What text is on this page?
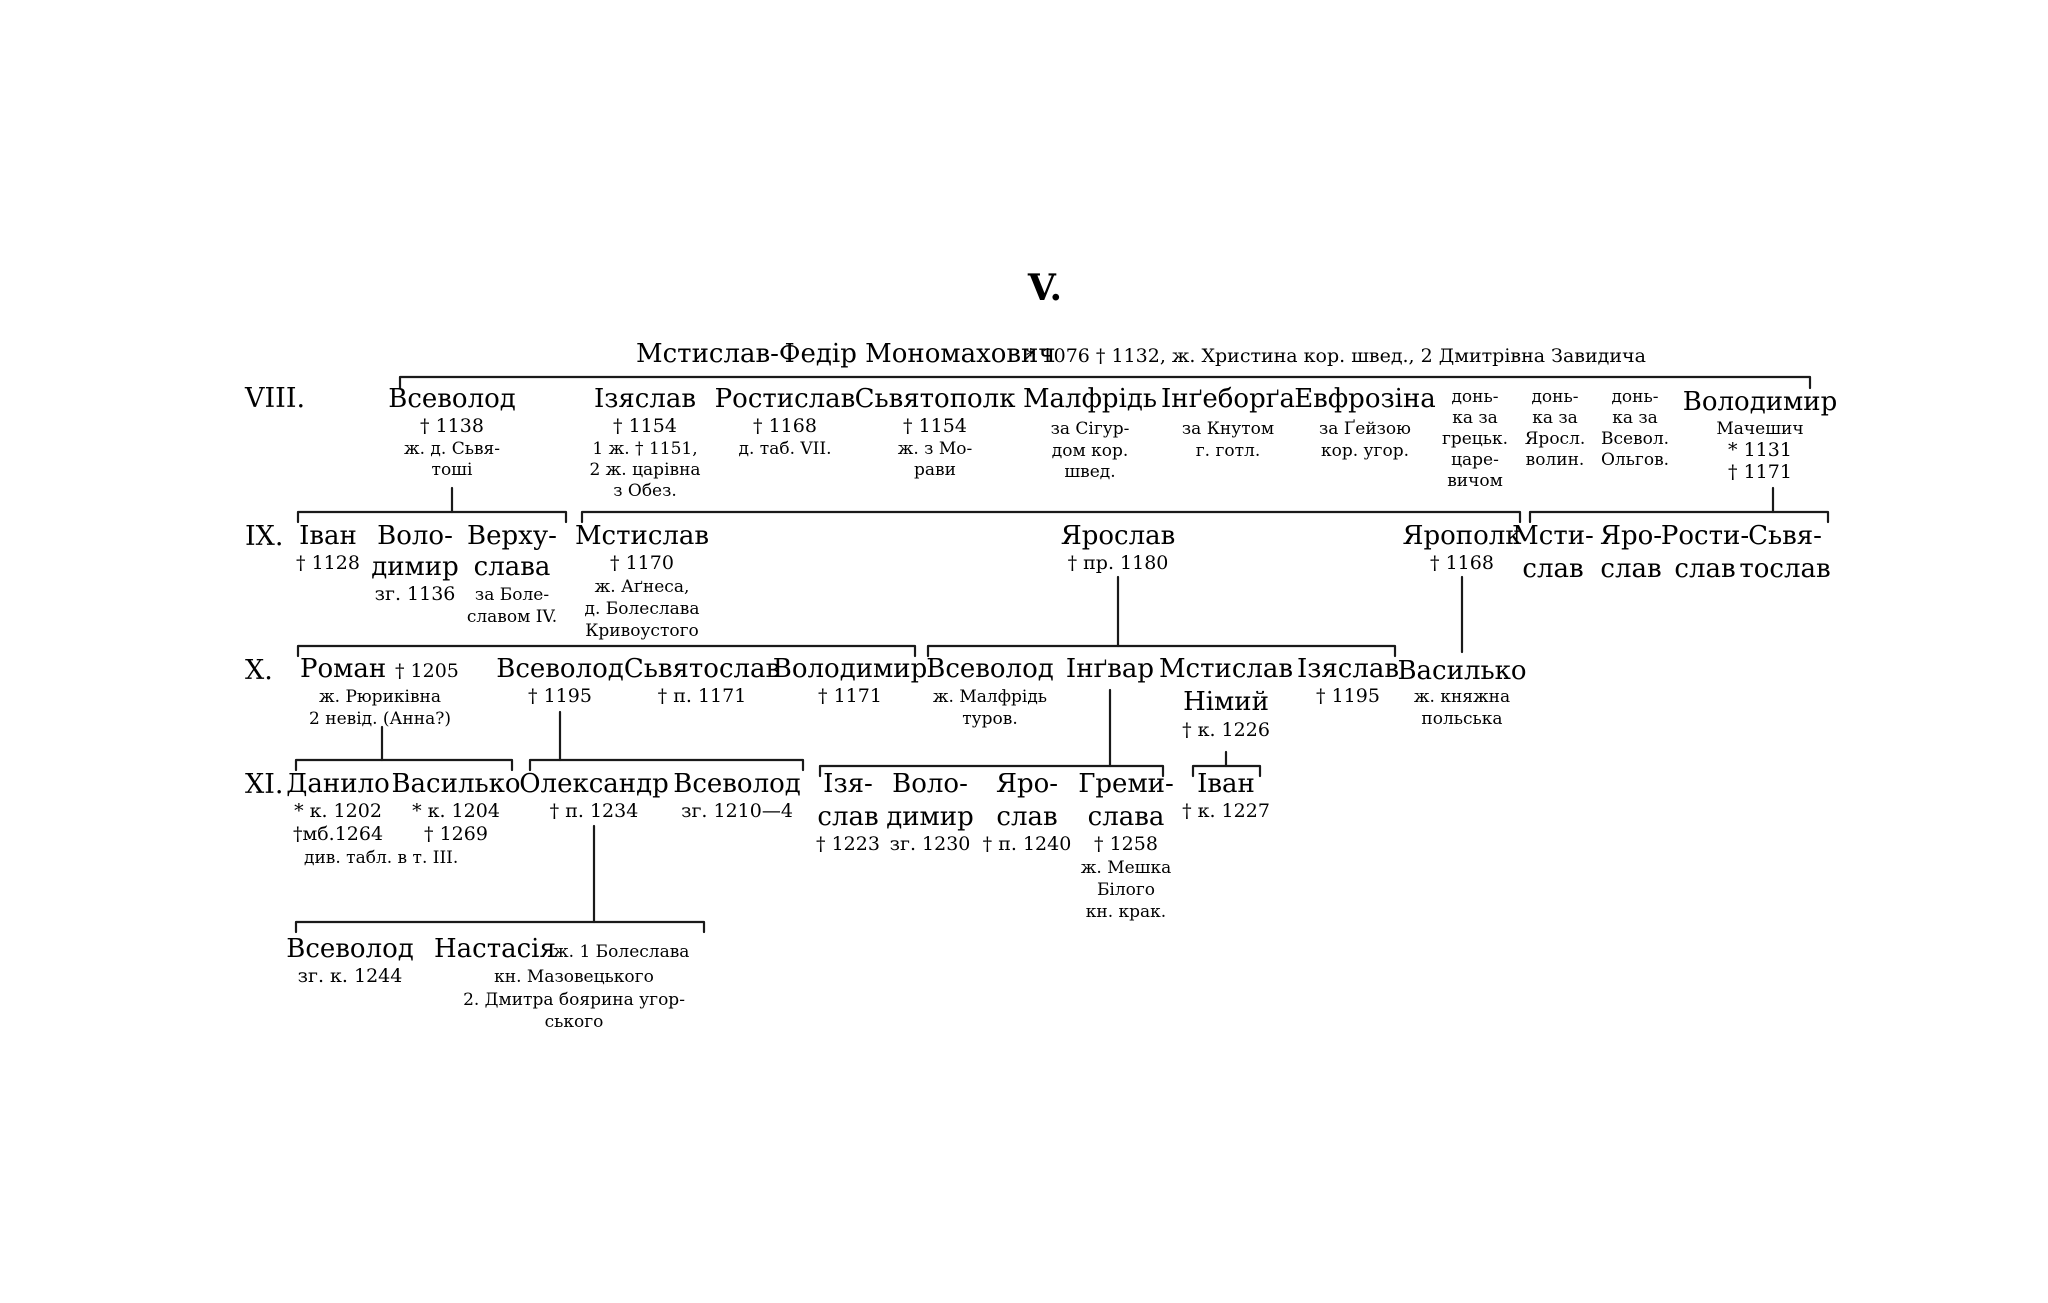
V.
Мстислав-Федір Мономахович
* 1076 † 1132, ж. Христина кор. швед., 2 Дмитрівна Завидича
VIII.
IX.
X.
XI.
Всеволод
† 1138
ж. д. Сьвя-
тоші
Ізяслав
† 1154
1 ж. † 1151,
2 ж. царівна
з Обез.
Ростислав
† 1168
д. таб. VII.
Сьвятополк
† 1154
ж. з Мо-
рави
Малфрідь
за Сігур-
дом кор.
швед.
Інґеборґа
за Кнутом
г. готл.
Евфрозіна
за Ґейзою
кор. угор.
донь-
ка за
грецьк.
царе-
вичом
донь-
ка за
Яросл.
волин.
донь-
ка за
Всевол.
Ольгов.
Володимир
Мачешич
* 1131
† 1171
Іван
† 1128
Воло-
димир
зг. 1136
Верху-
слава
за Боле-
славом IV.
Мстислав
† 1170
ж. Аґнеса,
д. Болеслава
Кривоустого
Ярослав
† пр. 1180
Ярополк
† 1168
Мсти-
слав
Яро-
слав
Рости-
слав
Сьвя-
тослав
Роман † 1205
ж. Рюриківна
2 невід. (Анна?)
Всеволод
† 1195
Сьвятослав
† п. 1171
Володимир
† 1171
Всеволод
ж. Малфрідь
туров.
Інґвар Мстислав
Німий
† к. 1226
Ізяслав
† 1195
Василько
ж. княжна
польська
Данило
* к. 1202
†мб.1264
див. табл. в т. III.
Василько
* к. 1204
† 1269
Олександр
† п. 1234
Всеволод
зг. 1210—4
Ізя-
слав
† 1223
Воло-
димир
зг. 1230
Яро-
слав
† п. 1240
Греми-
слава
† 1258
ж. Мешка
Білого
кн. крак.
Іван
† к. 1227
Всеволод
зг. к. 1244
Настасія
ж. 1 Болеслава
кн. Мазовецького
2. Дмитра боярина угор-
ського
